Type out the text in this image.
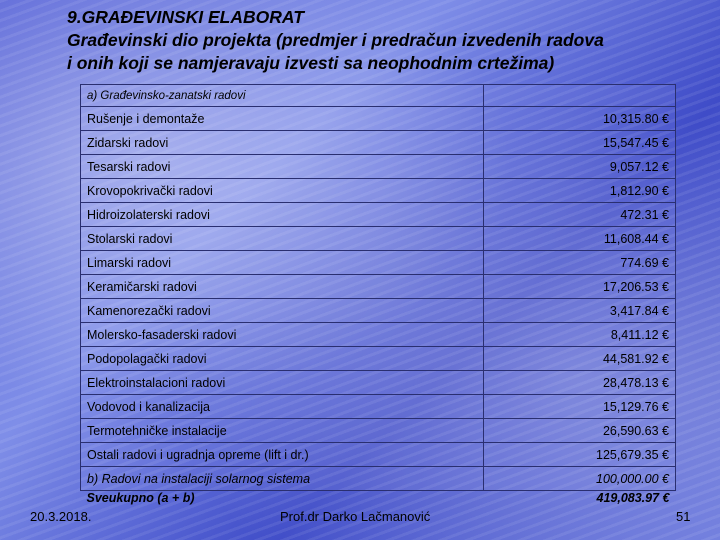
9.GRAĐEVINSKI ELABORAT
Građevinski dio projekta (predmjer i predračun izvedenih radova
i onih koji se namjeravaju izvesti sa neophodnim crtežima)
a) Građevinsko-zanatski radovi	
Rušenje i demontaže	10,315.80 €
Zidarski radovi	15,547.45 €
Tesarski radovi	9,057.12 €
Krovopokrivački radovi	1,812.90 €
Hidroizolaterski radovi	472.31 €
Stolarski radovi	11,608.44 €
Limarski radovi	774.69 €
Keramičarski radovi	17,206.53 €
Kamenorezački radovi	3,417.84 €
Molersko-fasaderski radovi	8,411.12 €
Podopolagački radovi	44,581.92 €
Elektroinstalacioni radovi	28,478.13 €
Vodovod i kanalizacija	15,129.76 €
Termotehničke instalacije	26,590.63 €
Ostali radovi i ugradnja opreme (lift i dr.)	125,679.35 €
b) Radovi na instalaciji solarnog sistema	100,000.00 €
Sveukupno (a + b)	419,083.97 €
20.3.2018.	Prof.dr Darko Lačmanović	51
